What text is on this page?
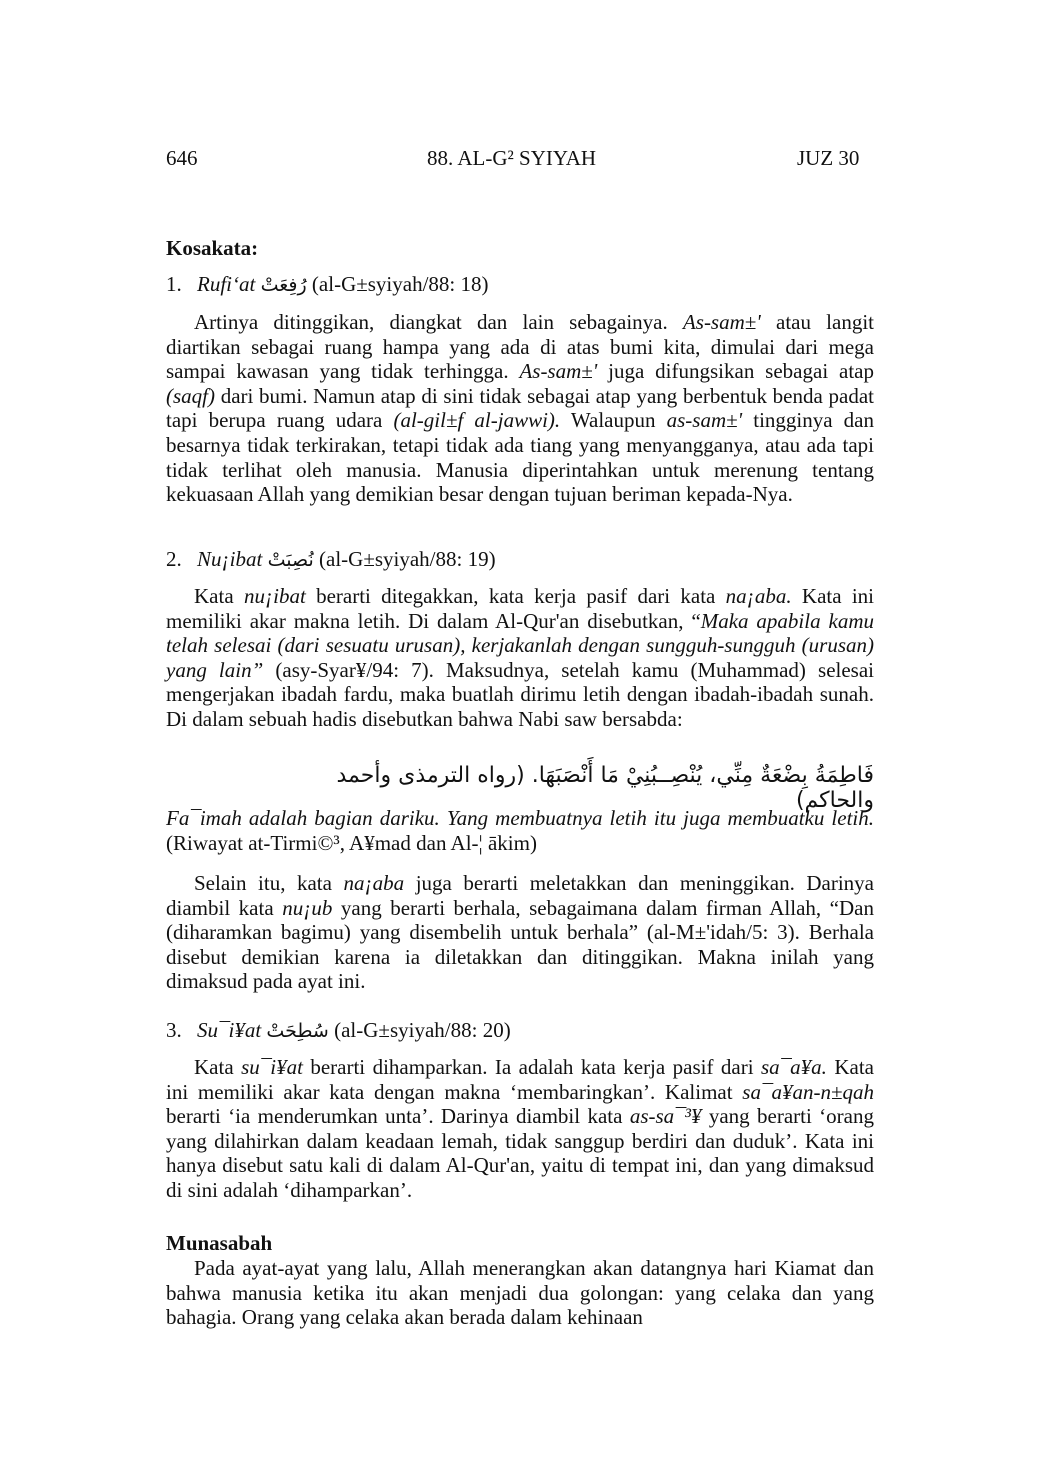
646	88. AL-G² SYIYAH	JUZ 30
Kosakata:
1. Rufi‘at رُفِعَتْ (al-G±syiyah/88: 18)

Artinya ditinggikan, diangkat dan lain sebagainya. As-sam±' atau langit diartikan sebagai ruang hampa yang ada di atas bumi kita, dimulai dari mega sampai kawasan yang tidak terhingga. As-sam±' juga difungsikan sebagai atap (saqf) dari bumi. Namun atap di sini tidak sebagai atap yang berbentuk benda padat tapi berupa ruang udara (al-gil±f al-jawwi). Walaupun as-sam±' tingginya dan besarnya tidak terkirakan, tetapi tidak ada tiang yang menyangganya, atau ada tapi tidak terlihat oleh manusia. Manusia diperintahkan untuk merenung tentang kekuasaan Allah yang demikian besar dengan tujuan beriman kepada-Nya.

2. Nu¡ibat نُصِبَتْ (al-G±syiyah/88: 19)

Kata nu¡ibat berarti ditegakkan, kata kerja pasif dari kata na¡aba. Kata ini memiliki akar makna letih. Di dalam Al-Qur'an disebutkan, “Maka apabila kamu telah selesai (dari sesuatu urusan), kerjakanlah dengan sungguh-sungguh (urusan) yang lain” (asy-Syar¥/94: 7). Maksudnya, setelah kamu (Muhammad) selesai mengerjakan ibadah fardu, maka buatlah dirimu letih dengan ibadah-ibadah sunah. Di dalam sebuah hadis disebutkan bahwa Nabi saw bersabda:

فَاطِمَةُ بِضْعَةٌ مِنِّي، يُنْصِــبُنِيْ مَا أَنْصَبَهَا. (رواه الترمذى وأحمد والحاكم)
Fa¯imah adalah bagian dariku. Yang membuatnya letih itu juga membuatku letih. (Riwayat at-Tirmi©³, A¥mad dan Al-¦ ākim)

Selain itu, kata na¡aba juga berarti meletakkan dan meninggikan. Darinya diambil kata nu¡ub yang berarti berhala, sebagaimana dalam firman Allah, “Dan (diharamkan bagimu) yang disembelih untuk berhala” (al-M±'idah/5: 3). Berhala disebut demikian karena ia diletakkan dan ditinggikan. Makna inilah yang dimaksud pada ayat ini.

3. Su¯i¥at سُطِحَتْ (al-G±syiyah/88: 20)

Kata su¯i¥at berarti dihamparkan. Ia adalah kata kerja pasif dari sa¯a¥a. Kata ini memiliki akar kata dengan makna ‘membaringkan’. Kalimat sa¯a¥an-n±qah berarti ‘ia menderumkan unta’. Darinya diambil kata as-sa¯³¥ yang berarti ‘orang yang dilahirkan dalam keadaan lemah, tidak sanggup berdiri dan duduk’. Kata ini hanya disebut satu kali di dalam Al-Qur'an, yaitu di tempat ini, dan yang dimaksud di sini adalah ‘dihamparkan’.

Munasabah

Pada ayat-ayat yang lalu, Allah menerangkan akan datangnya hari Kiamat dan bahwa manusia ketika itu akan menjadi dua golongan: yang celaka dan yang bahagia. Orang yang celaka akan berada dalam kehinaan
